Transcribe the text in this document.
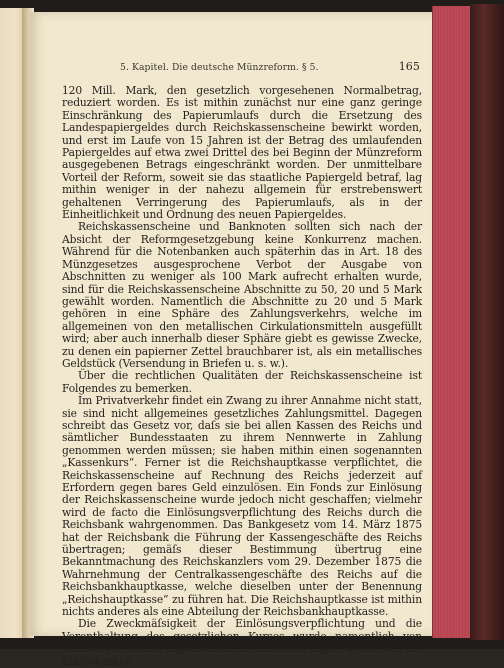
5. Kapitel. Die deutsche Münzreform. § 5.	165

120 Mill. Mark, den gesetzlich vorgesehenen Normalbetrag, reduziert worden. Es ist mithin zunächst nur eine ganz geringe Einschränkung des Papierumlaufs durch die Ersetzung des Landespapiergeldes durch Reichskassenscheine bewirkt worden, und erst im Laufe von 15 Jahren ist der Betrag des umlaufenden Papiergeldes auf etwa zwei Drittel des bei Beginn der Münzreform ausgegebenen Betrags eingeschränkt worden. Der unmittelbare Vorteil der Reform, soweit sie das staatliche Papiergeld betraf, lag mithin weniger in der nahezu allgemein für erstrebenswert gehaltenen Verringerung des Papierumlaufs, als in der Einheitlichkeit und Ordnung des neuen Papiergeldes.

Reichskassenscheine und Banknoten sollten sich nach der Absicht der Reformgesetzgebung keine Konkurrenz machen. Während für die Notenbanken auch späterhin das in Art. 18 des Münzgesetzes ausgesprochene Verbot der Ausgabe von Abschnitten zu weniger als 100 Mark aufrecht erhalten wurde, sind für die Reichskassenscheine Abschnitte zu 50, 20 und 5 Mark gewählt worden. Namentlich die Abschnitte zu 20 und 5 Mark gehören in eine Sphäre des Zahlungsverkehrs, welche im allgemeinen von den metallischen Cirkulationsmitteln ausgefüllt wird; aber auch innerhalb dieser Sphäre giebt es gewisse Zwecke, zu denen ein papierner Zettel brauchbarer ist, als ein metallisches Geldstück (Versendung in Briefen u. s. w.).

Über die rechtlichen Qualitäten der Reichskassenscheine ist Folgendes zu bemerken.

Im Privatverkehr findet ein Zwang zu ihrer Annahme nicht statt, sie sind nicht allgemeines gesetzliches Zahlungsmittel. Dagegen schreibt das Gesetz vor, daſs sie bei allen Kassen des Reichs und sämtlicher Bundesstaaten zu ihrem Nennwerte in Zahlung genommen werden müssen; sie haben mithin einen sogenannten „Kassenkurs“. Ferner ist die Reichshauptkasse verpflichtet, die Reichskassenscheine auf Rechnung des Reichs jederzeit auf Erfordern gegen bares Geld einzulösen. Ein Fonds zur Einlösung der Reichskassenscheine wurde jedoch nicht geschaffen; vielmehr wird de facto die Einlösungsverpflichtung des Reichs durch die Reichsbank wahrgenommen. Das Bankgesetz vom 14. März 1875 hat der Reichsbank die Führung der Kassengeschäfte des Reichs übertragen; gemäſs dieser Bestimmung übertrug eine Bekanntmachung des Reichskanzlers vom 29. Dezember 1875 die Wahrnehmung der Centralkassengeschäfte des Reichs auf die Reichsbankhauptkasse, welche dieselben unter der Benennung „Reichshauptkasse“ zu führen hat. Die Reichshauptkasse ist mithin nichts anderes als eine Abteilung der Reichsbankhauptkasse.

Die Zweckmäſsigkeit der Einlösungsverpflichtung und die Vorenthaltung des gesetzlichen Kurses wurde namentlich von Bamberger lebhaft angefochten. In kritischen Lagen werde sich die Einlösbarkeit
